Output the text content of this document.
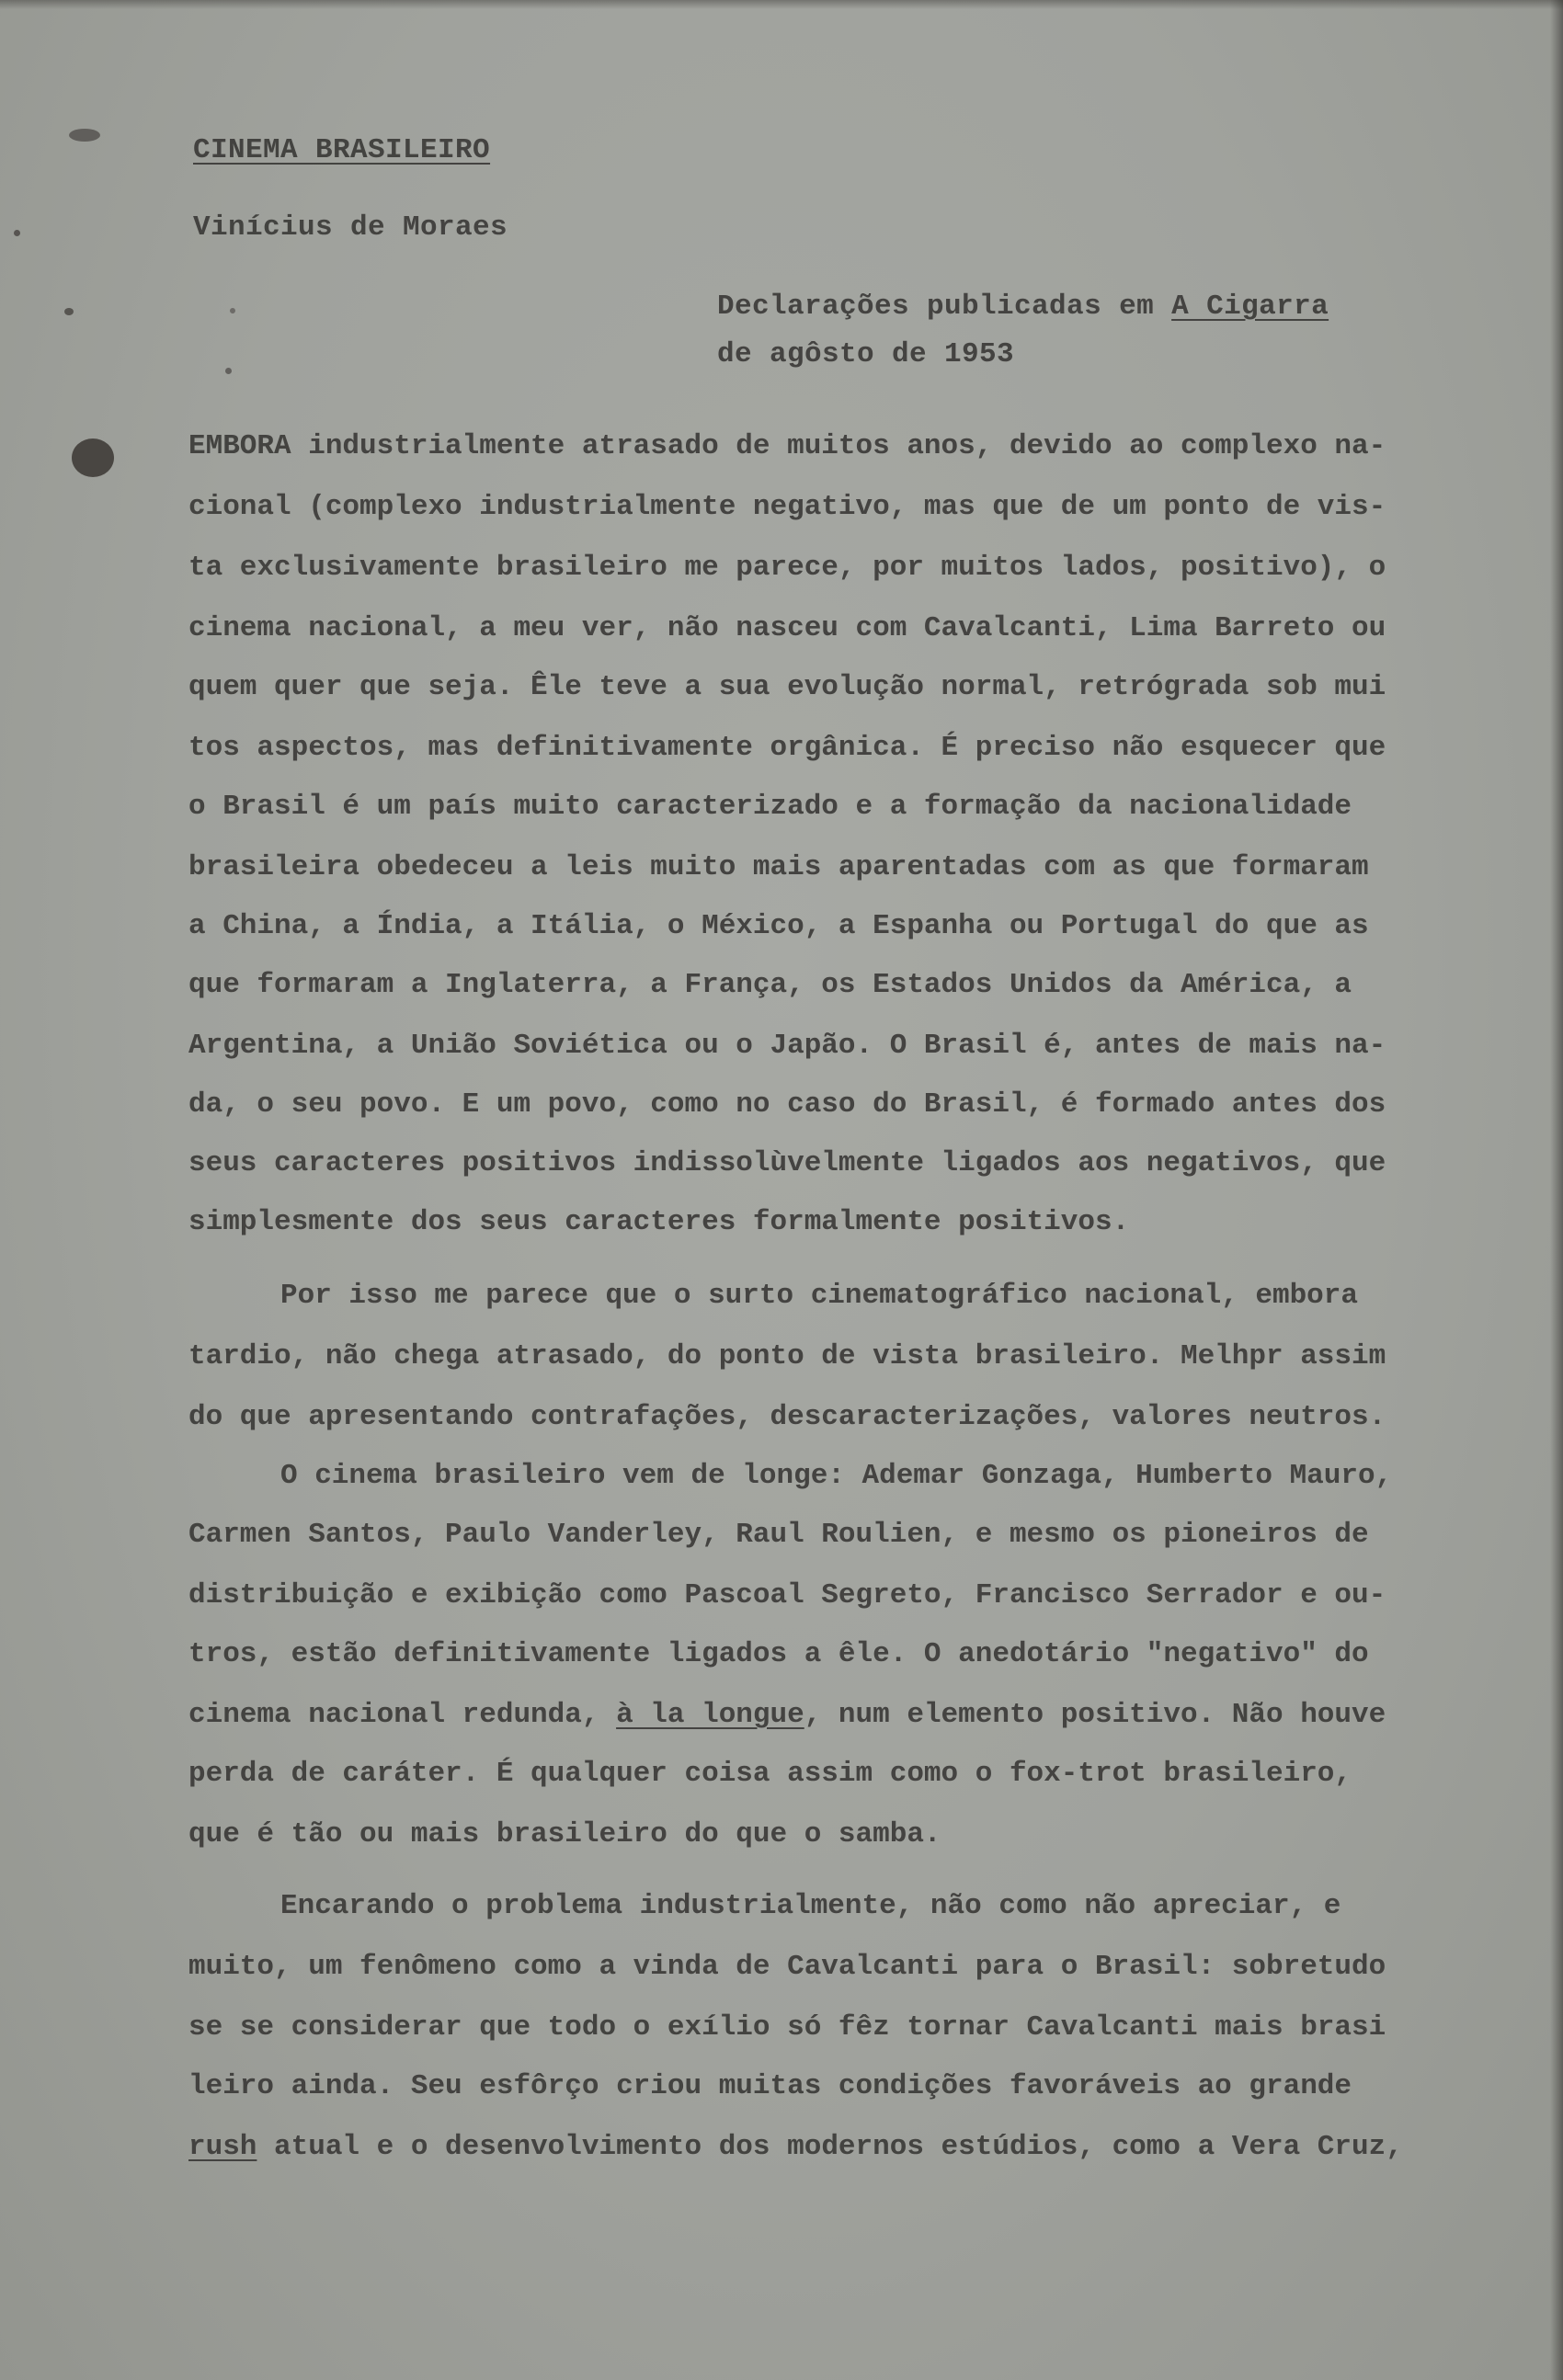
CINEMA BRASILEIRO

Vinícius de Moraes

Declarações publicadas em A Cigarra

de agôsto de 1953

EMBORA industrialmente atrasado de muitos anos, devido ao complexo na-

cional (complexo industrialmente negativo, mas que de um ponto de vis-

ta exclusivamente brasileiro me parece, por muitos lados, positivo), o

cinema nacional, a meu ver, não nasceu com Cavalcanti, Lima Barreto ou

quem quer que seja. Êle teve a sua evolução normal, retrógrada sob mui

tos aspectos, mas definitivamente orgânica. É preciso não esquecer que

o Brasil é um país muito caracterizado e a formação da nacionalidade

brasileira obedeceu a leis muito mais aparentadas com as que formaram

a China, a Índia, a Itália, o México, a Espanha ou Portugal do que as

que formaram a Inglaterra, a França, os Estados Unidos da América, a

Argentina, a União Soviética ou o Japão. O Brasil é, antes de mais na-

da, o seu povo. E um povo, como no caso do Brasil, é formado antes dos

seus caracteres positivos indissolùvelmente ligados aos negativos, que

simplesmente dos seus caracteres formalmente positivos.

Por isso me parece que o surto cinematográfico nacional, embora

tardio, não chega atrasado, do ponto de vista brasileiro. Melhpr assim

do que apresentando contrafações, descaracterizações, valores neutros.

O cinema brasileiro vem de longe: Ademar Gonzaga, Humberto Mauro,

Carmen Santos, Paulo Vanderley, Raul Roulien, e mesmo os pioneiros de

distribuição e exibição como Pascoal Segreto, Francisco Serrador e ou-

tros, estão definitivamente ligados a êle. O anedotário "negativo" do

cinema nacional redunda, à la longue, num elemento positivo. Não houve

perda de caráter. É qualquer coisa assim como o fox-trot brasileiro,

que é tão ou mais brasileiro do que o samba.

Encarando o problema industrialmente, não como não apreciar, e

muito, um fenômeno como a vinda de Cavalcanti para o Brasil: sobretudo

se se considerar que todo o exílio só fêz tornar Cavalcanti mais brasi

leiro ainda. Seu esfôrço criou muitas condições favoráveis ao grande

rush atual e o desenvolvimento dos modernos estúdios, como a Vera Cruz,
